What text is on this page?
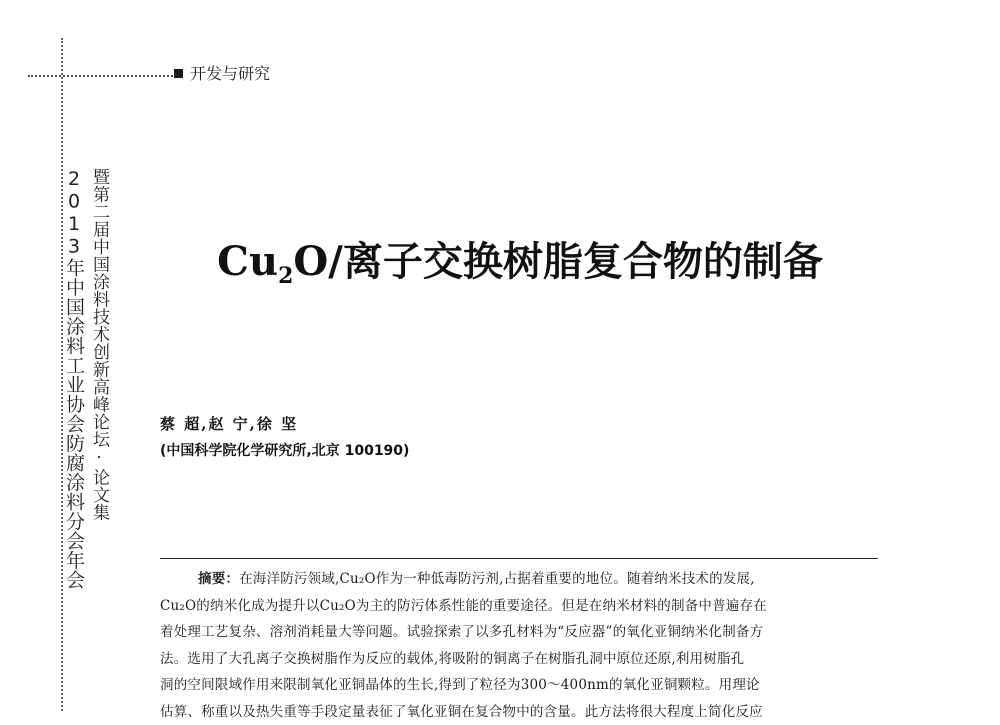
开发与研究
2013年中国涂料工业协会防腐涂料分会年会 暨第二届中国涂料技术创新高峰论坛·论文集	$Cu_2O/$离子交换树脂复合物的制备
蔡 超,赵 宁,徐 坚
(中国科学院化学研究所,北京 100190)
摘要：在海洋防污领域,Cu₂O作为一种低毒防污剂,占据着重要的地位。随着纳米技术的发展,
Cu₂O的纳米化成为提升以Cu₂O为主的防污体系性能的重要途径。但是在纳米材料的制备中普遍存在
着处理工艺复杂、溶剂消耗量大等问题。试验探索了以多孔材料为“反应器”的氧化亚铜纳米化制备方
法。选用了大孔离子交换树脂作为反应的载体,将吸附的铜离子在树脂孔洞中原位还原,利用树脂孔
洞的空间限域作用来限制氧化亚铜晶体的生长,得到了粒径为300～400nm的氧化亚铜颗粒。用理论
估算、称重以及热失重等手段定量表征了氧化亚铜在复合物中的含量。此方法将很大程度上简化反应
